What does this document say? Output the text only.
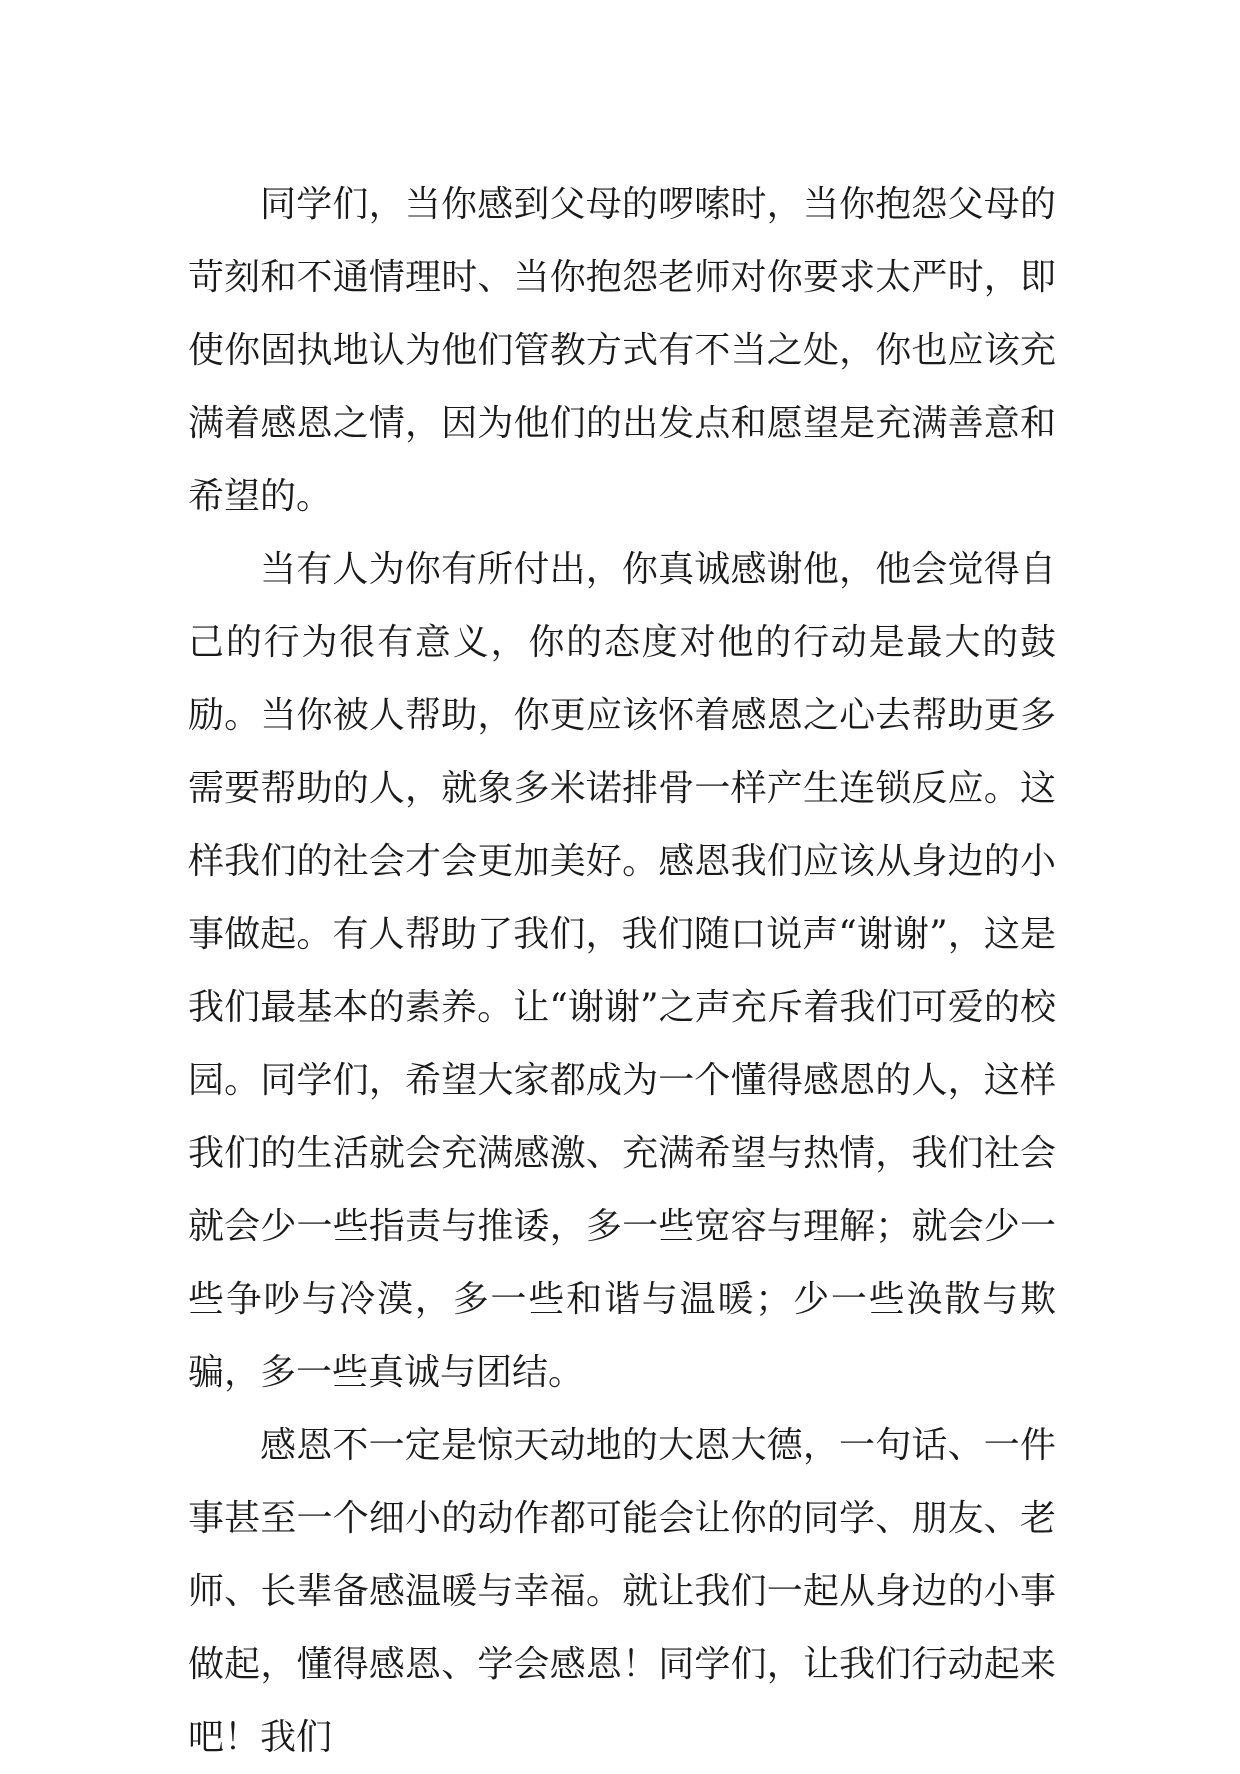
同学们，当你感到父母的啰嗦时，当你抱怨父母的苛刻和不通情理时、当你抱怨老师对你要求太严时，即使你固执地认为他们管教方式有不当之处，你也应该充满着感恩之情，因为他们的出发点和愿望是充满善意和希望的。

当有人为你有所付出，你真诚感谢他，他会觉得自己的行为很有意义，你的态度对他的行动是最大的鼓励。当你被人帮助，你更应该怀着感恩之心去帮助更多需要帮助的人，就象多米诺排骨一样产生连锁反应。这样我们的社会才会更加美好。感恩我们应该从身边的小事做起。有人帮助了我们，我们随口说声“谢谢”，这是我们最基本的素养。让“谢谢”之声充斥着我们可爱的校园。同学们，希望大家都成为一个懂得感恩的人，这样我们的生活就会充满感激、充满希望与热情，我们社会就会少一些指责与推诿，多一些宽容与理解；就会少一些争吵与冷漠，多一些和谐与温暖；少一些涣散与欺骗，多一些真诚与团结。

感恩不一定是惊天动地的大恩大德，一句话、一件事甚至一个细小的动作都可能会让你的同学、朋友、老师、长辈备感温暖与幸福。就让我们一起从身边的小事做起，懂得感恩、学会感恩！同学们，让我们行动起来吧！我们
